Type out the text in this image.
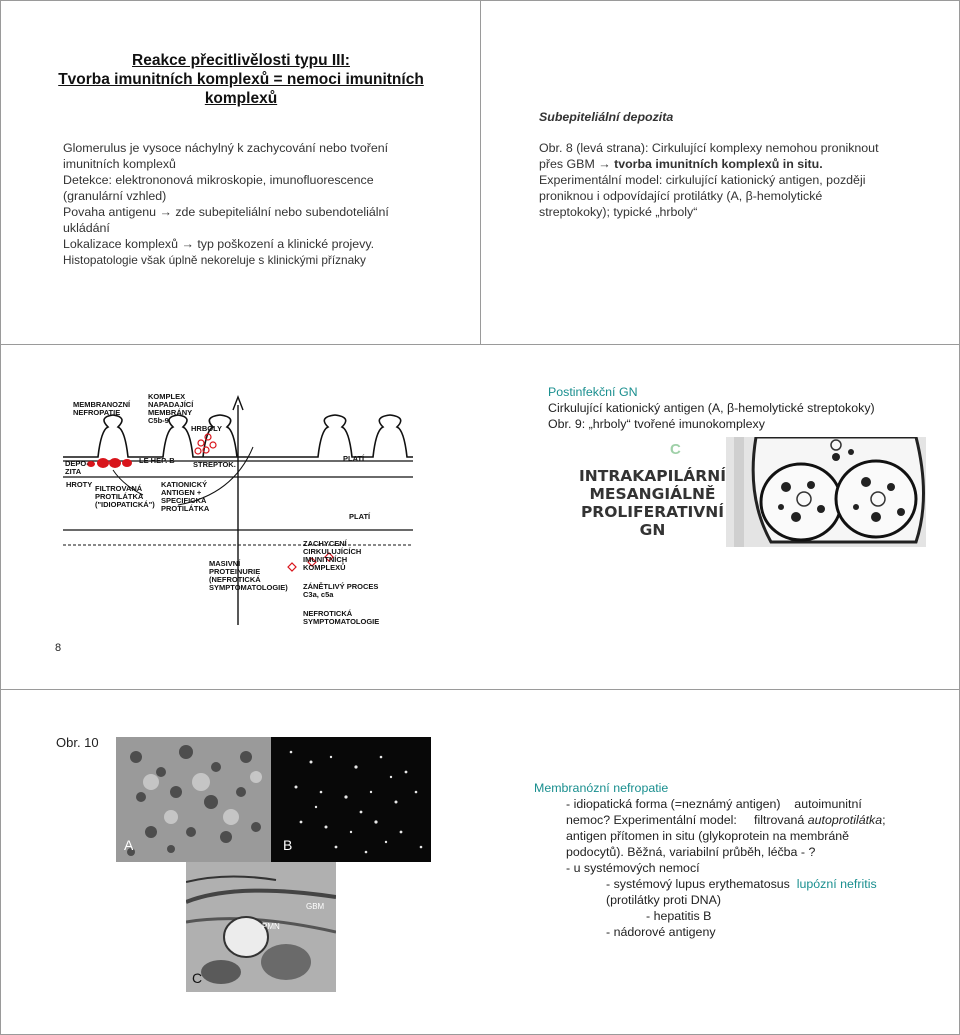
Reakce přecitlivělosti typu III:
Tvorba imunitních komplexů = nemoci imunitních
komplexů
Glomerulus je vysoce náchylný k zachycování nebo tvoření
imunitních komplexů
Detekce: elektrononová mikroskopie, imunofluorescence
(granulární vzhled)
Povaha antigenu → zde subepiteliální nebo subendoteliální
ukládání
Lokalizace komplexů → typ poškození a klinické projevy.
Histopatologie však úplně nekoreluje s klinickými příznaky
Subepiteliální depozita
Obr. 8 (levá strana): Cirkulující komplexy nemohou proniknout
přes GBM → tvorba imunitních komplexů in situ.
Experimentální model: cirkulující kationický antigen, později
proniknou i odpovídající protilátky (A, β-hemolytické
streptokoky); typické „hrboly“
MEMBRANOZNÍ
NEFROPATIE
KOMPLEX
NAPADAJÍCÍ
MEMBRÁNY
C5b-9
HRBOLY
DEPO-
ZITA
LE HEP. B STREPTOK.
PLATÍ
HROTY FILTROVANÁ
PROTILÁTKA
("IDIOPATICKÁ")
KATIONICKÝ
ANTIGEN +
SPECIFICKÁ
PROTILÁTKA
PLATÍ
MASIVNÍ
PROTEINURIE
(NEFROTICKÁ
SYMPTOMATOLOGIE)
ZACHYCENÍ
CIRKULUJÍCÍCH
IMUNITNÍCH
KOMPLEXŮ
ZÁNĚTLIVÝ PROCES
C3a, c5a
NEFROTICKÁ
SYMPTOMATOLOGIE
8
Postinfekční GN
Cirkulující kationický antigen (A, β-hemolytické streptokoky)
Obr. 9: „hrboly“ tvořené imunokomplexy
C
INTRAKAPILÁRNÍ
MESANGIÁLNĚ
PROLIFERATIVNÍ
GN
Obr. 10
A	B
C
GBM
PMN
Membranózní nefropatie
- idiopatická forma (=neznámý antigen)    autoimunitní
nemoc? Experimentální model:     filtrovaná autoprotilátka;
antigen přítomen in situ (glykoprotein na membráně
podocytů). Běžná, variabilní průběh, léčba - ?
- u systémových nemocí
- systémový lupus erythematosus  lupózní nefritis
(protilátky proti DNA)
- hepatitis B
- nádorové antigeny
